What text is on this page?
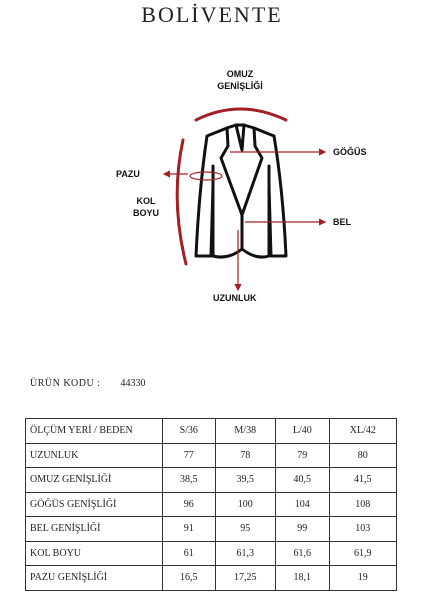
BOLİVENTE
OMUZ GENİŞLİĞİ
GÖĞÜS
PAZU
KOL BOYU
BEL
UZUNLUK
ÜRÜN KODU : 44330
ÖLÇÜM YERİ / BEDEN	S/36	M/38	L/40	XL/42
UZUNLUK	77	78	79	80
OMUZ GENİŞLİĞİ	38,5	39,5	40,5	41,5
GÖĞÜS GENİŞLİĞİ	96	100	104	108
BEL GENİŞLİĞİ	91	95	99	103
KOL BOYU	61	61,3	61,6	61,9
PAZU GENİŞLİĞİ	16,5	17,25	18,1	19
